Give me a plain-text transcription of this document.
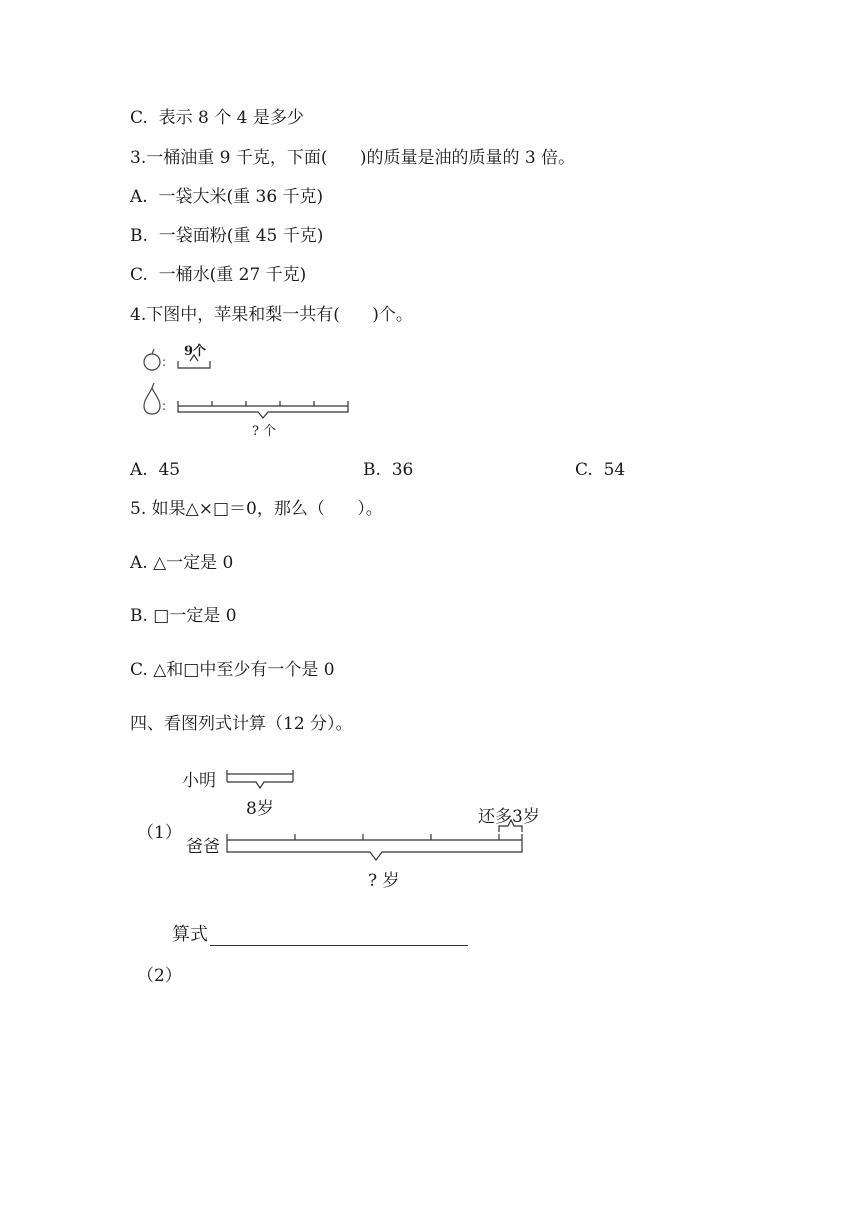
C.  表示 8 个 4 是多少
3.一桶油重 9 千克，下面(      )的质量是油的质量的 3 倍。
A.  一袋大米(重 36 千克)
B.  一袋面粉(重 45 千克)
C.  一桶水(重 27 千克)
4.下图中，苹果和梨一共有(      )个。
:
:
9个
? 个
A.  45	B.  36	C.  54
5. 如果△×□＝0，那么（      ）。
A. △一定是 0
B. □一定是 0
C. △和□中至少有一个是 0
四、看图列式计算（12 分）。
（1）
小明
8岁	还多3岁
爸爸
? 岁
算式
（2）
